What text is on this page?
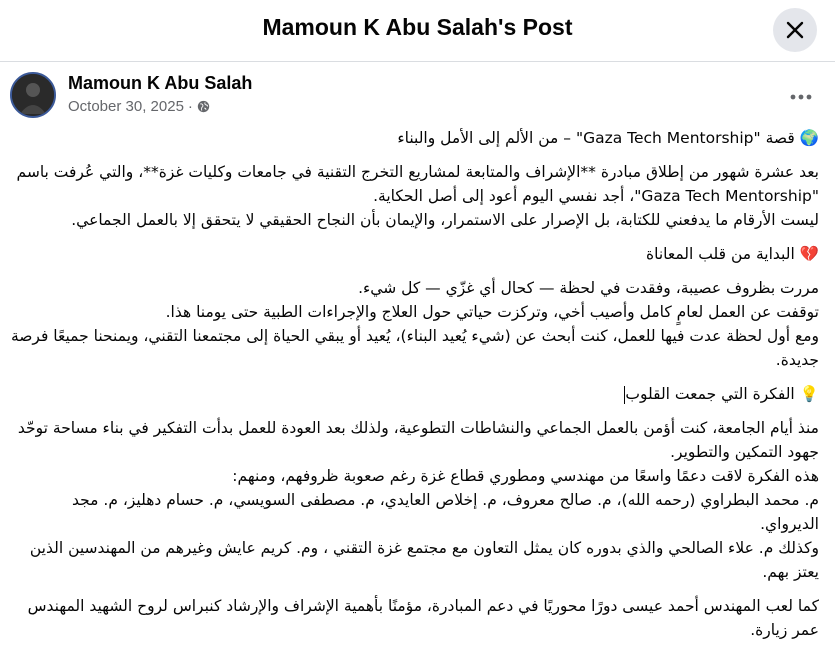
Mamoun K Abu Salah's Post
Mamoun K Abu Salah
October 30, 2025 ·
🌍 قصة "Gaza Tech Mentorship" – من الألم إلى الأمل والبناء

بعد عشرة شهور من إطلاق مبادرة **الإشراف والمتابعة لمشاريع التخرج التقنية في جامعات وكليات غزة**، والتي عُرفت باسم "Gaza Tech Mentorship"، أجد نفسي اليوم أعود إلى أصل الحكاية.

ليست الأرقام ما يدفعني للكتابة، بل الإصرار على الاستمرار، والإيمان بأن النجاح الحقيقي لا يتحقق إلا بالعمل الجماعي.

💔 البداية من قلب المعاناة

مررت بظروف عصيبة، وفقدت في لحظة — كحال أي غزّي — كل شيء.

توقفت عن العمل لعامٍ كامل وأصيب أخي، وتركزت حياتي حول العلاج والإجراءات الطبية حتى يومنا هذا.

ومع أول لحظة عدت فيها للعمل، كنت أبحث عن (شيء يُعيد البناء)، يُعيد أو يبقي الحياة إلى مجتمعنا التقني، ويمنحنا جميعًا فرصة جديدة.

💡 الفكرة التي جمعت القلوب

منذ أيام الجامعة، كنت أؤمن بالعمل الجماعي والنشاطات التطوعية، ولذلك بعد العودة للعمل بدأت التفكير في بناء مساحة توحّد جهود التمكين والتطوير.

هذه الفكرة لاقت دعمًا واسعًا من مهندسي ومطوري قطاع غزة رغم صعوبة ظروفهم، ومنهم:

م. محمد البطراوي (رحمه الله)، م. صالح معروف، م. إخلاص العايدي، م. مصطفى السويسي، م. حسام دهليز، م. مجد الديرواي.

وكذلك م. علاء الصالحي والذي بدوره كان يمثل التعاون مع مجتمع غزة التقني ، وم. كريم عايش وغيرهم من المهندسين الذين يعتز بهم.

كما لعب المهندس أحمد عيسى دورًا محوريًا في دعم المبادرة، مؤمنًا بأهمية الإشراف والإرشاد كنبراس لروح الشهيد المهندس عمر زيارة.
